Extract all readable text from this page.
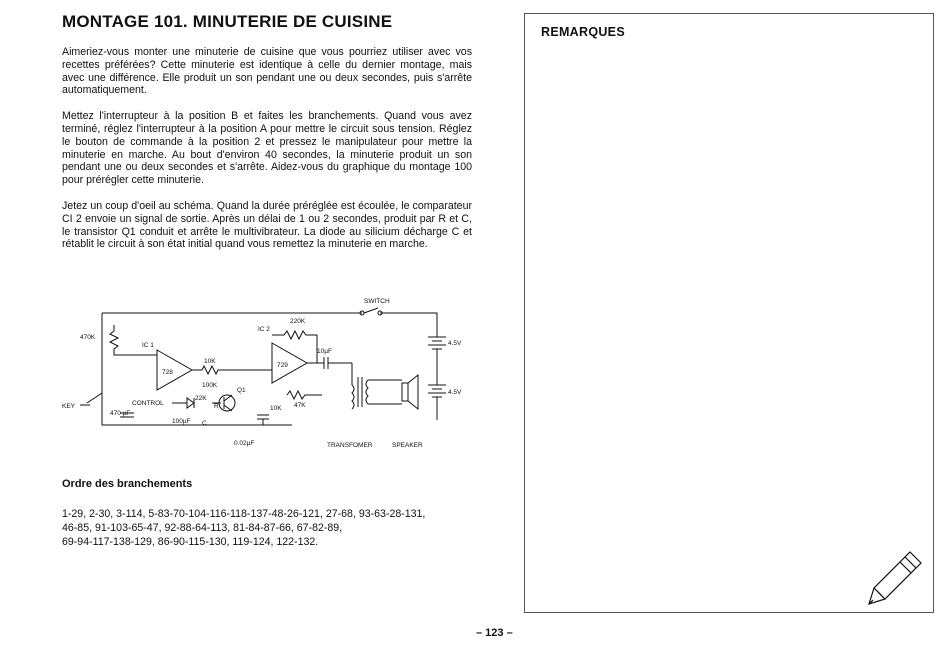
MONTAGE 101. MINUTERIE DE CUISINE

Aimeriez-vous monter une minuterie de cuisine que vous pourriez utiliser avec vos recettes préférées? Cette minuterie est identique à celle du dernier montage, mais avec une différence. Elle produit un son pendant une ou deux secondes, puis s'arrête automatiquement.

Mettez l'interrupteur à la position B et faites les branchements. Quand vous avez terminé, réglez l'interrupteur à la position A pour mettre le circuit sous tension. Réglez le bouton de commande à la position 2 et pressez le manipulateur pour mettre la minuterie en marche. Au bout d'environ 40 secondes, la minuterie produit un son pendant une ou deux secondes et s'arrête. Aidez-vous du graphique du montage 100 pour prérégler cette minuterie.

Jetez un coup d'oeil au schéma. Quand la durée préréglée est écoulée, le comparateur CI 2 envoie un signal de sortie. Après un délai de 1 ou 2 secondes, produit par R et C, le transistor Q1 conduit et arrête le multivibrateur. La diode au silicium décharge C et rétablit le circuit à son état initial quand vous remettez la minuterie en marche.

SWITCH
IC 1
IC 2
728
729
470K
220K
10K
100K
22K
10K 47K
470 µF
100µF
0.02µF
10µF
CONTROL
KEY
Q1
C
R
4.5V
4.5V
TRANSFOMER	SPEAKER
Ordre des branchements
1-29, 2-30, 3-114, 5-83-70-104-116-118-137-48-26-121, 27-68, 93-63-28-131,
46-85, 91-103-65-47, 92-88-64-113, 81-84-87-66, 67-82-89,
69-94-117-138-129, 86-90-115-130, 119-124, 122-132.
REMARQUES
– 123 –
